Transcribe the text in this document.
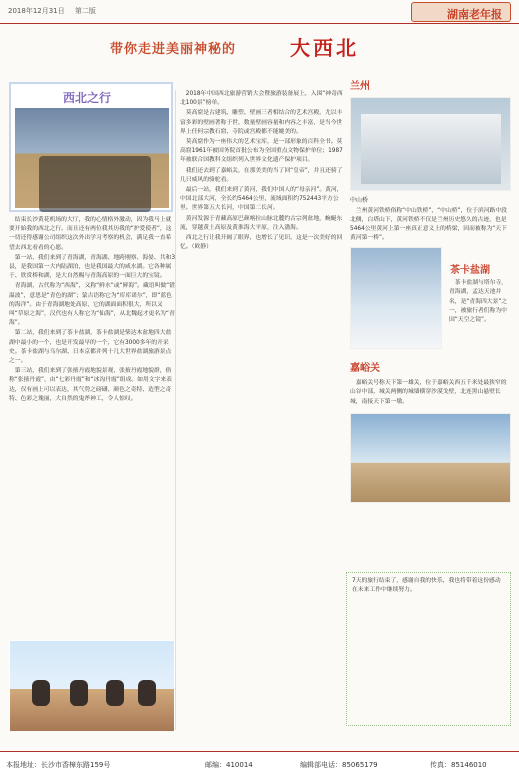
2018年12月31日 第二版	湖南老年报
带你走进美丽神秘的	大西北
西北之行

结束长沙黄花机场的大厅，我的心情格外激动，因为我马上就要开始我的西北之行。而且还有两位我其历我的“护爱使者”，这一切还得感谢公司组织这次外出学习考察的机会，满足我一直希望去西北看看的心愿。

第一站，我们来到了青海湖，青海湖、地跨刚察、海晏、共和3县，是我国第一大内陆湖泊，也是我国最大的咸水湖。它各种属于、欣赏桥和湖，是大自然赐与青海高原的一面巨大的宝镜。

青海湖，古代称为“西海”，又称“鲜水”或“鲜海”。藏语叫做“错温波”，意思是“青色的湖”；蒙古语称它为“库库诺尔”，即“蓝色的海洋”。由于青海湖地处高原，它的湖面面积很大，所以又叫“草原之海”，汉代也有人称它为“仙海”，从北魏起才更名为“青海”。

第二站，我们来到了茶卡盐湖，茶卡盐湖是柴达木盆地四大盐湖中最小的一个，也是开发最早的一个，它有3000多年的开采史。茶卡盐湖与乌尔湖、日本京都并列十几大世界盐湖旅游景点之一。

第三站，我们来到了张掖丹霞地貌景观，张掖丹霞地貌群，俗称“张掖丹霞”，由“七彩丹霞”和“冰沟丹霞”组成。如用文字来表达，仅有画上可以表达，其气势之磅礴、颜色之奇特、造型之奇特、色彩之瑰丽，大自然的鬼斧神工，令人惊叹。

2018年中国西北旅游营销大会暨旅游装备展上，入围“神奇西北100景”榜单。

莫高窟是古建筑、雕塑、壁画三者相结合的艺术宫殿，尤以丰富多彩的壁画著称于世，数量壁画容量和内容之丰富，是当今世界上任何宗教石窟、寺院或宫殿都不能媲美的。

莫高窟作为一座伟大的艺术宝库，是一部形象的百科全书。莫高窟1961年被国务院首批公布为全国重点文物保护单位；1987年被联合国教科文组织列入世界文化遗产保护项目。

我们还去到了嘉峪关，在那美美的当了回“皇帝”，并且还骑了几只威风的骆驼看。

最后一站，我们来到了黄河，我们中国人的“母亲河”。黄河，中国北部大河，全长约5464公里，流域面积约752443平方公里。世界第五大长河，中国第二长河。

黄河发源于青藏高原巴颜喀拉山脉北麓约古宗列盆地，蜿蜒东流，穿越黄土高原及黄淮海大平原，注入渤海。

西北之行让我开阔了眼界，也增长了见识。这是一次美好的回忆。（欧静）

兰州
中山桥

兰州黄河铁桥俗称“中山铁桥”，“中山桥”，位于滨河路中段北侧，白塔山下，黄河铁桥不仅是兰州历史悠久的古迹，也是5464公里黄河上第一座真正意义上的桥梁，因而被称为“天下黄河第一桥”。

茶卡盐湖

茶卡盐湖与塔尔寺，青海湖，孟达天池并名，是“青海四大景”之一，被旅行者们称为中国“天空之镜”。

嘉峪关

嘉峪关号称天下第一雄关，位于嘉峪关西五千米处最狭窄的山谷中部，城关两侧的城墙横穿沙漠戈壁，北连黑山悬壁长城，南接天下第一墩。

7天的旅行结束了，感谢自我的快乐，我也将带着这份感动在未来工作中继续努力。

本报地址：长沙市香樟东路159号	邮编：410014	编辑部电话：85065179	传真：85146010
